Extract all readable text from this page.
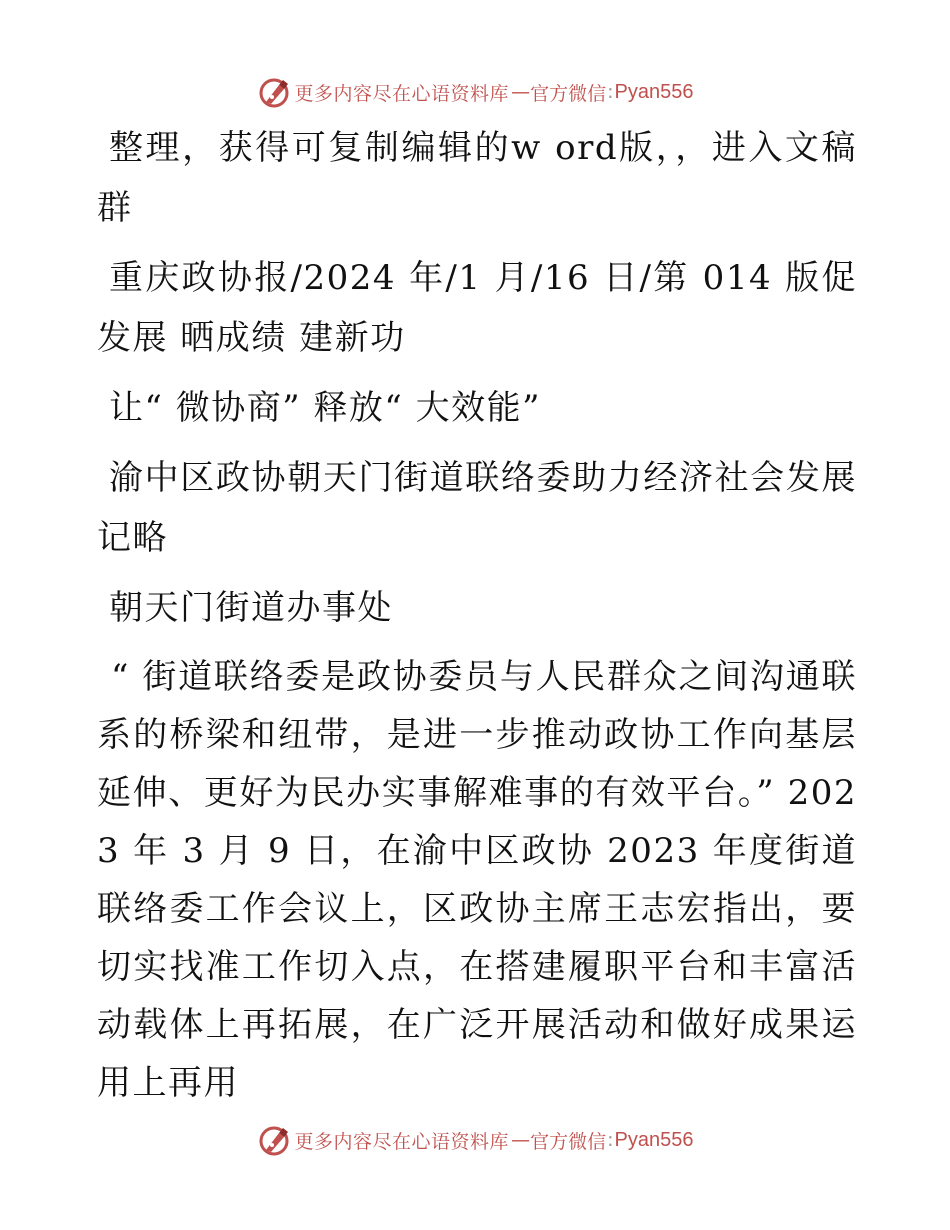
更多内容尽在心语资料库 — 官方微信 : Pyan556

整理，获得可复制编辑的w ord版，，进入文稿群

重庆政协报/2024 年/1 月/16 日/第 014 版促发展 晒成绩 建新功

让“ 微协商” 释放“ 大效能”

渝中区政协朝天门街道联络委助力经济社会发展记略

朝天门街道办事处

“ 街道联络委是政协委员与人民群众之间沟通联系的桥梁和纽带，是进一步推动政协工作向基层延伸、更好为民办实事解难事的有效平台。” 2023 年 3 月 9 日，在渝中区政协 2023 年度街道联络委工作会议上，区政协主席王志宏指出，要切实找准工作切入点，在搭建履职平台和丰富活动载体上再拓展，在广泛开展活动和做好成果运用上再用

更多内容尽在心语资料库 — 官方微信 : Pyan556
